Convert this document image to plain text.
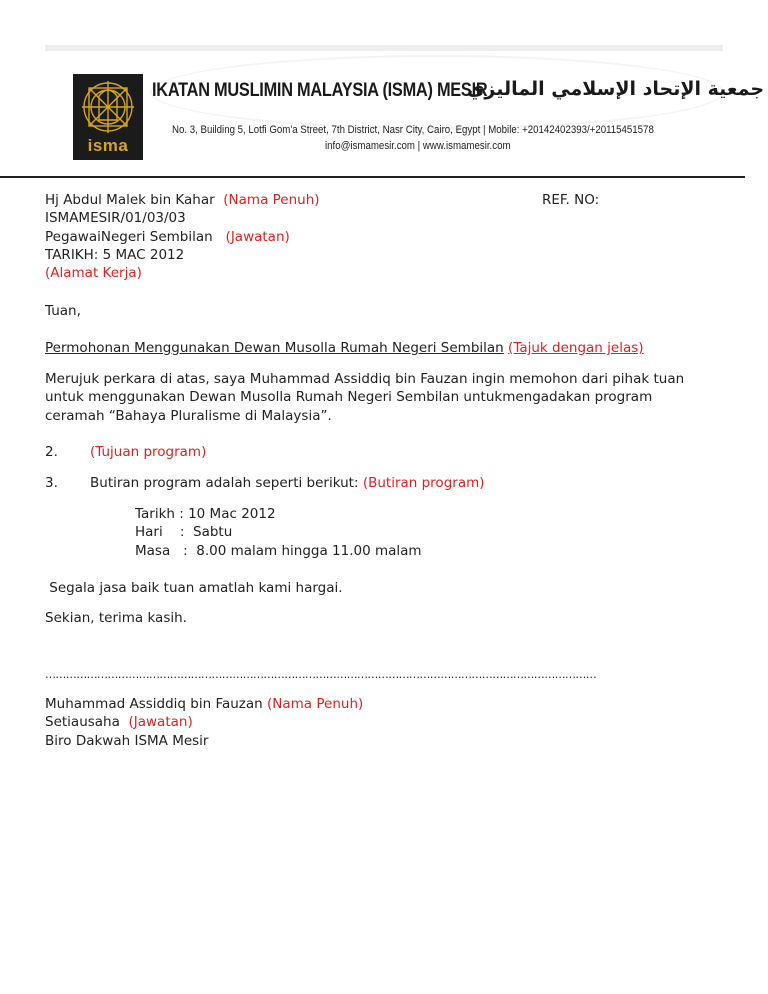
isma
IKATAN MUSLIMIN MALAYSIA (ISMA) MESIR
جمعية الإتحاد الإسلامي الماليزي
No. 3, Building 5, Lotfi Gom'a Street, 7th District, Nasr City, Cairo, Egypt | Mobile: +20142402393/+20115451578
info@ismamesir.com | www.ismamesir.com
Hj Abdul Malek bin Kahar (Nama Penuh)	REF. NO:
ISMAMESIR/01/03/03
PegawaiNegeri Sembilan (Jawatan)
TARIKH: 5 MAC 2012
(Alamat Kerja)
Tuan,
Permohonan Menggunakan Dewan Musolla Rumah Negeri Sembilan (Tajuk dengan jelas)
Merujuk perkara di atas, saya Muhammad Assiddiq bin Fauzan ingin memohon dari pihak tuan
untuk menggunakan Dewan Musolla Rumah Negeri Sembilan untukmengadakan program
ceramah “Bahaya Pluralisme di Malaysia”.
2. (Tujuan program)
3. Butiran program adalah seperti berikut: (Butiran program)
Tarikh : 10 Mac 2012
Hari    :  Sabtu
Masa   :  8.00 malam hingga 11.00 malam
Segala jasa baik tuan amatlah kami hargai.
Sekian, terima kasih.
……………………………………………………………………………………………………………………………………………
Muhammad Assiddiq bin Fauzan (Nama Penuh)
Setiausaha (Jawatan)
Biro Dakwah ISMA Mesir
